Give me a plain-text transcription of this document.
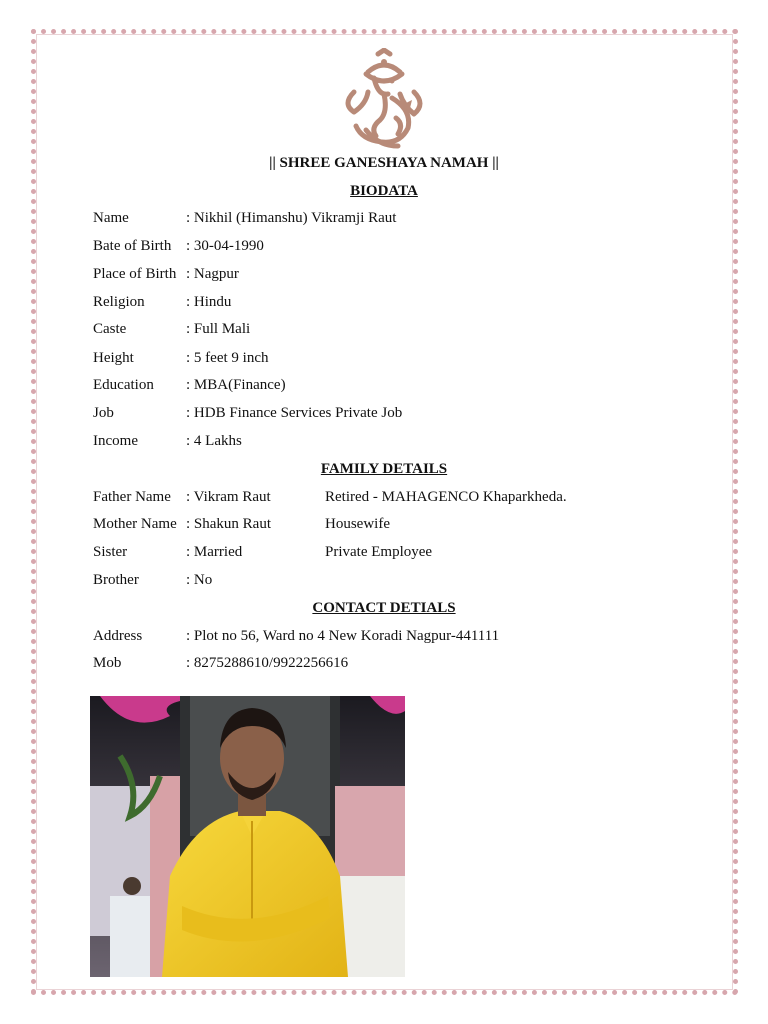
|| SHREE GANESHAYA NAMAH ||
BIODATA
Name	: Nikhil (Himanshu) Vikramji Raut
Bate of Birth : 30-04-1990
Place of Birth : Nagpur
Religion	: Hindu
Caste	: Full Mali
Height	: 5 feet 9 inch
Education : MBA(Finance)
Job	: HDB Finance Services Private Job
Income	: 4 Lakhs
FAMILY DETAILS
Father Name : Vikram Raut	Retired - MAHAGENCO Khaparkheda.
Mother Name : Shakun Raut	Housewife
Sister	: Married	Private Employee
Brother	: No
CONTACT DETIALS
Address	: Plot no 56, Ward no 4 New Koradi Nagpur-441111
Mob	: 8275288610/9922256616
